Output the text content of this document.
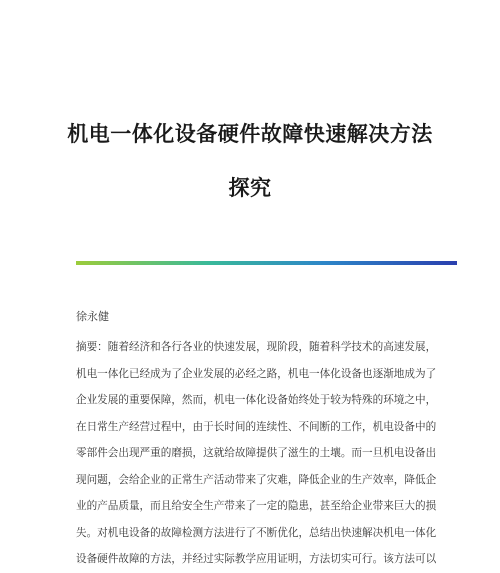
机电一体化设备硬件故障快速解决方法
探究
徐永健
摘要：随着经济和各行各业的快速发展，现阶段，随着科学技术的高速发展，
机电一体化已经成为了企业发展的必经之路，机电一体化设备也逐渐地成为了
企业发展的重要保障，然而，机电一体化设备始终处于较为特殊的环境之中，
在日常生产经营过程中，由于长时间的连续性、不间断的工作，机电设备中的
零部件会出现严重的磨损，这就给故障提供了滋生的土壤。而一旦机电设备出
现问题，会给企业的正常生产活动带来了灾难，降低企业的生产效率，降低企
业的产品质量，而且给安全生产带来了一定的隐患，甚至给企业带来巨大的损
失。对机电设备的故障检测方法进行了不断优化，总结出快速解决机电一体化
设备硬件故障的方法，并经过实际教学应用证明，方法切实可行。该方法可以
